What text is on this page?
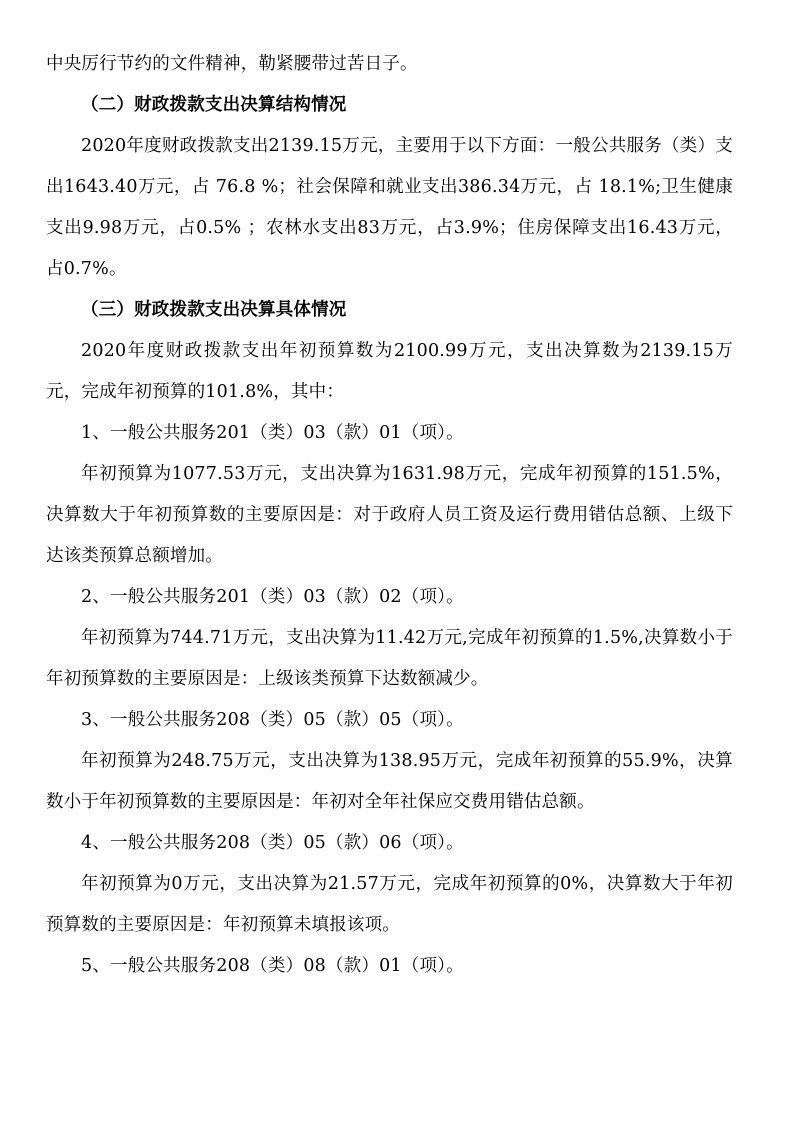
中央厉行节约的文件精神，勒紧腰带过苦日子。

（二）财政拨款支出决算结构情况

2020年度财政拨款支出2139.15万元，主要用于以下方面：一般公共服务（类）支出1643.40万元，占 76.8 %；社会保障和就业支出386.34万元，占 18.1%;卫生健康支出9.98万元，占0.5% ；农林水支出83万元，占3.9%；住房保障支出16.43万元，占0.7%。

（三）财政拨款支出决算具体情况

2020年度财政拨款支出年初预算数为2100.99万元，支出决算数为2139.15万元，完成年初预算的101.8%，其中：

1、一般公共服务201（类）03（款）01（项）。

年初预算为1077.53万元，支出决算为1631.98万元，完成年初预算的151.5%，决算数大于年初预算数的主要原因是：对于政府人员工资及运行费用错估总额、上级下达该类预算总额增加。

2、一般公共服务201（类）03（款）02（项）。

年初预算为744.71万元，支出决算为11.42万元,完成年初预算的1.5%,决算数小于年初预算数的主要原因是：上级该类预算下达数额减少。

3、一般公共服务208（类）05（款）05（项）。

年初预算为248.75万元，支出决算为138.95万元，完成年初预算的55.9%，决算数小于年初预算数的主要原因是：年初对全年社保应交费用错估总额。

4、一般公共服务208（类）05（款）06（项）。

年初预算为0万元，支出决算为21.57万元，完成年初预算的0%，决算数大于年初预算数的主要原因是：年初预算未填报该项。

5、一般公共服务208（类）08（款）01（项）。
